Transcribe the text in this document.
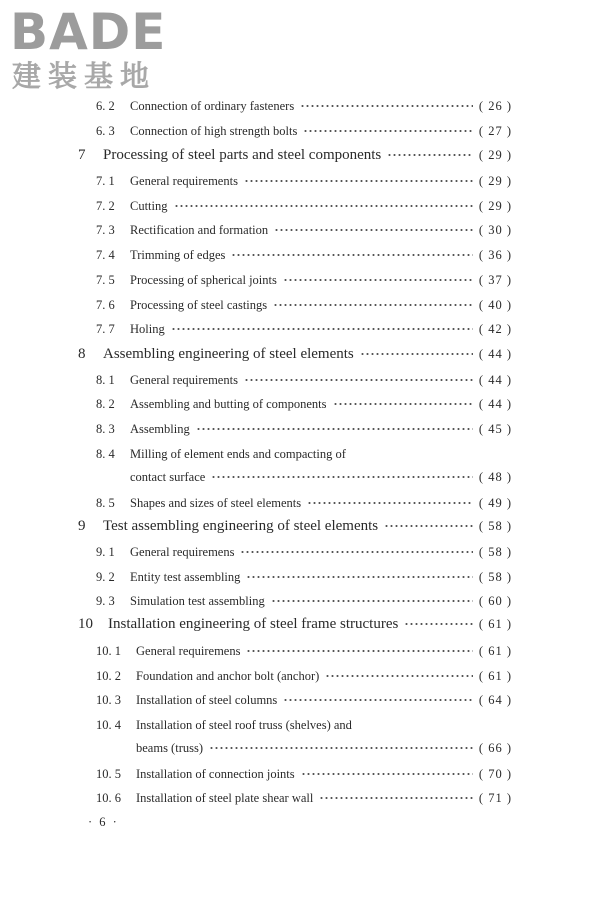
BADE
建装基地
6. 2	Connection of ordinary fasteners	( 26 )
6. 3	Connection of high strength bolts	( 27 )
7	Processing of steel parts and steel components	( 29 )
7. 1	General requirements	( 29 )
7. 2	Cutting	( 29 )
7. 3	Rectification and formation	( 30 )
7. 4	Trimming of edges	( 36 )
7. 5	Processing of spherical joints	( 37 )
7. 6	Processing of steel castings	( 40 )
7. 7	Holing	( 42 )
8	Assembling engineering of steel elements	( 44 )
8. 1	General requirements	( 44 )
8. 2	Assembling and butting of components	( 44 )
8. 3	Assembling	( 45 )
8. 4	Milling of element ends and compacting of
contact surface	( 48 )
8. 5	Shapes and sizes of steel elements	( 49 )
9	Test assembling engineering of steel elements	( 58 )
9. 1	General requiremens	( 58 )
9. 2	Entity test assembling	( 58 )
9. 3	Simulation test assembling	( 60 )
10	Installation engineering of steel frame structures	( 61 )
10. 1	General requiremens	( 61 )
10. 2	Foundation and anchor bolt (anchor)	( 61 )
10. 3	Installation of steel columns	( 64 )
10. 4	Installation of steel roof truss (shelves) and
beams (truss)	( 66 )
10. 5	Installation of connection joints	( 70 )
10. 6	Installation of steel plate shear wall	( 71 )
· 6 ·
